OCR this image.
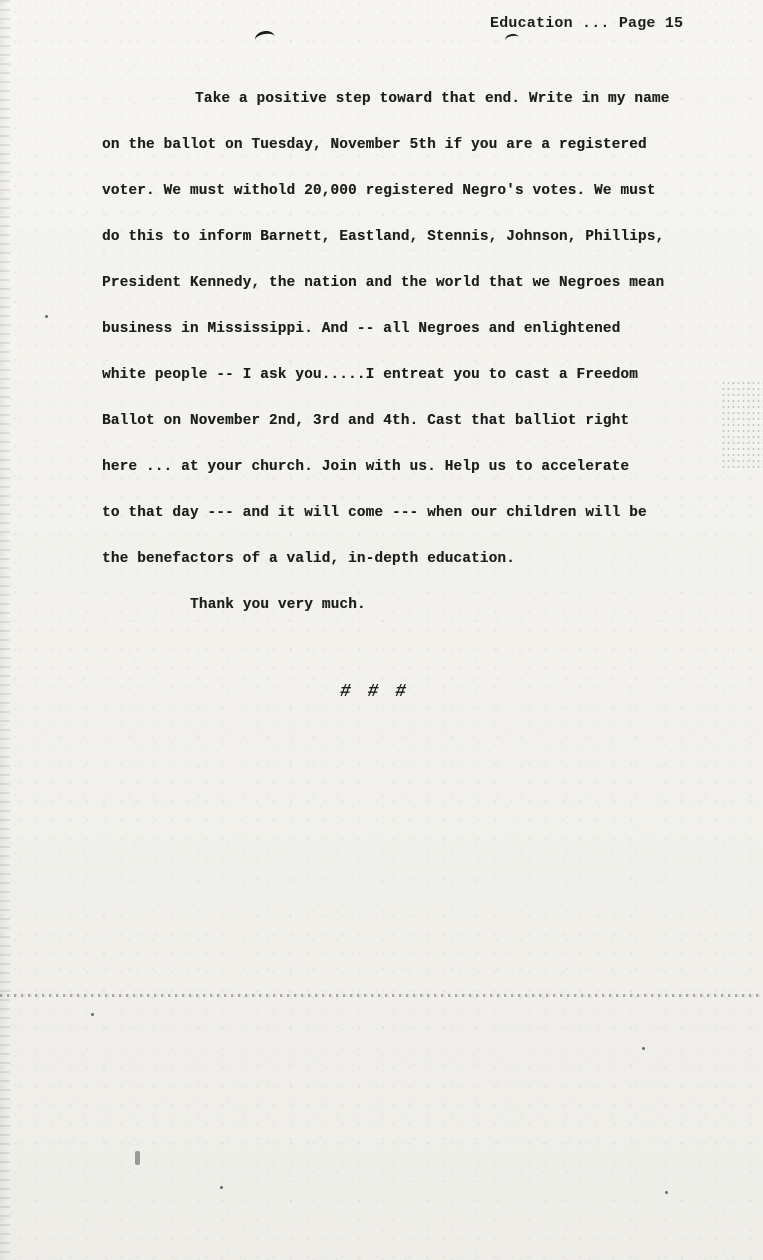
Education ... Page 15
Take a positive step toward that end. Write in my name
on the ballot on Tuesday, November 5th if you are a registered
voter. We must withold 20,000 registered Negro's votes. We must
do this to inform Barnett, Eastland, Stennis, Johnson, Phillips,
President Kennedy, the nation and the world that we Negroes mean
business in Mississippi. And -- all Negroes and enlightened
white people -- I ask you.....I entreat you to cast a Freedom
Ballot on November 2nd, 3rd and 4th. Cast that balliot right
here ... at your church. Join with us. Help us to accelerate
to that day --- and it will come --- when our children will be
the benefactors of a valid, in-depth education.
Thank you very much.
# # #
